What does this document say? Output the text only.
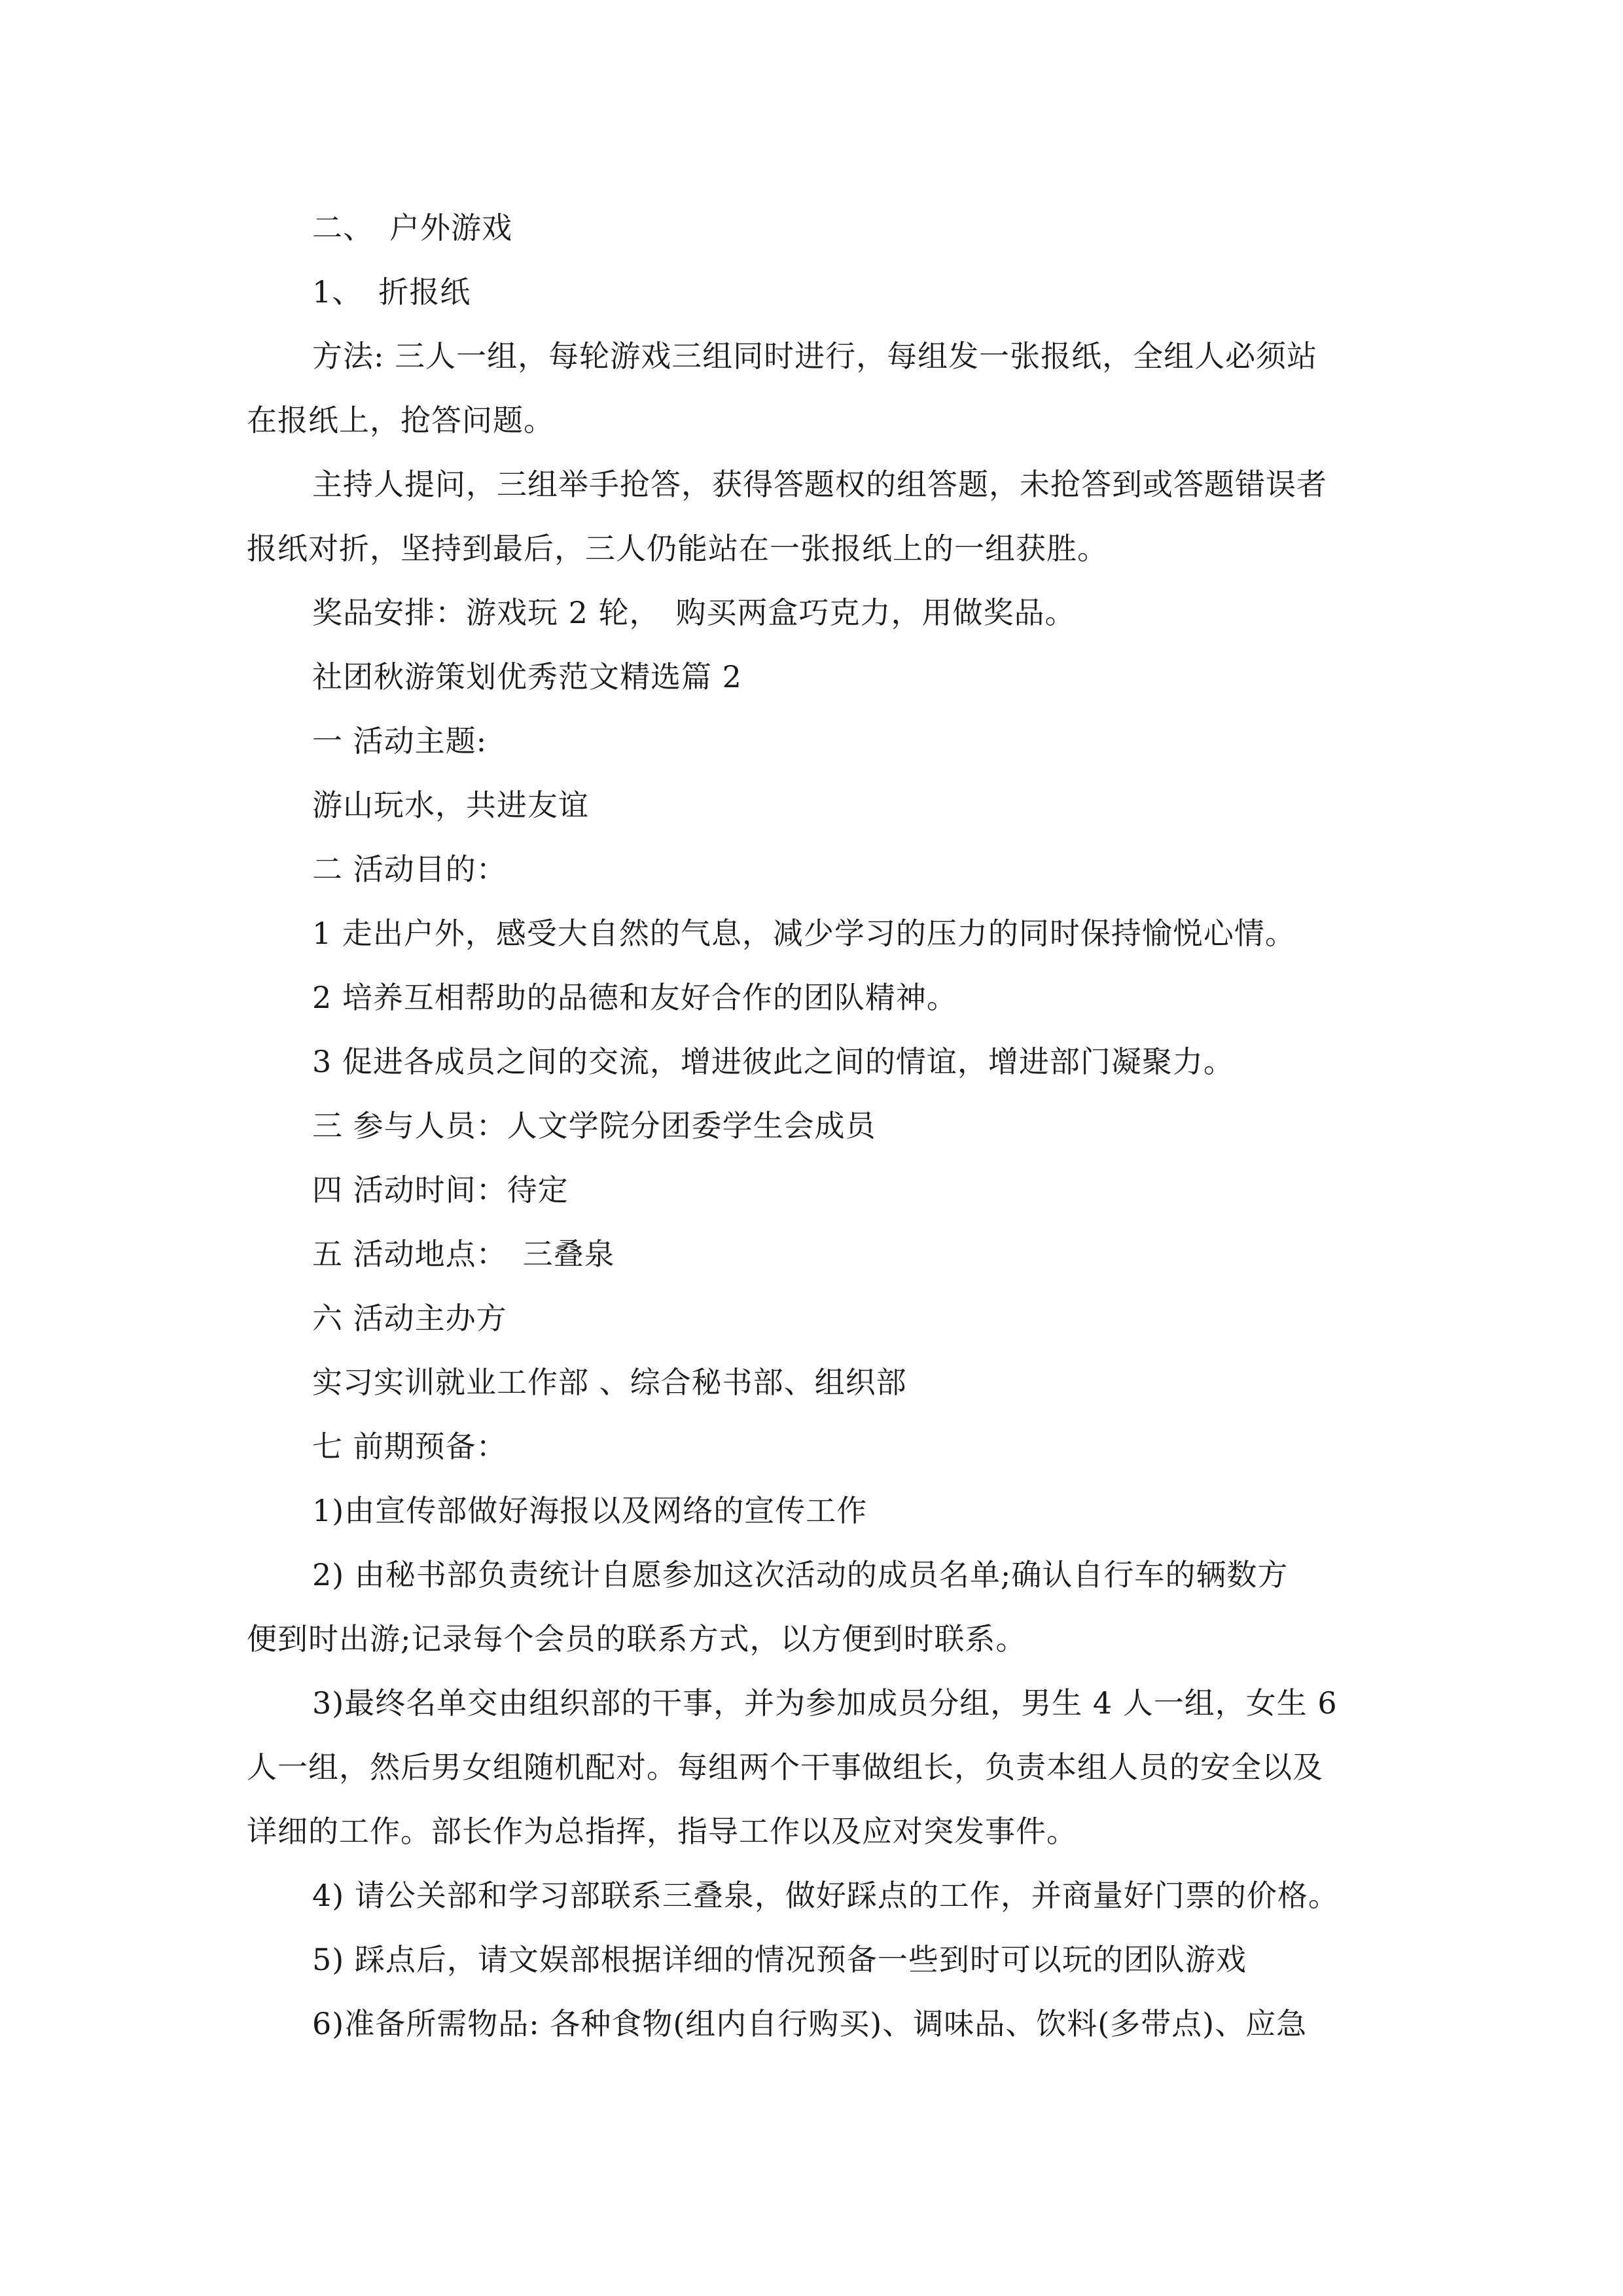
二、　户外游戏
1、　折报纸
方法: 三人一组，每轮游戏三组同时进行，每组发一张报纸，全组人必须站
在报纸上，抢答问题。
主持人提问，三组举手抢答，获得答题权的组答题，未抢答到或答题错误者
报纸对折，坚持到最后，三人仍能站在一张报纸上的一组获胜。
奖品安排：游戏玩 2 轮，　购买两盒巧克力，用做奖品。
社团秋游策划优秀范文精选篇 2
一 活动主题:
游山玩水，共进友谊
二 活动目的：
1 走出户外，感受大自然的气息，减少学习的压力的同时保持愉悦心情。
2 培养互相帮助的品德和友好合作的团队精神。
3 促进各成员之间的交流，增进彼此之间的情谊，增进部门凝聚力。
三 参与人员：人文学院分团委学生会成员
四 活动时间：待定
五 活动地点：　三叠泉
六 活动主办方
实习实训就业工作部 、综合秘书部、组织部
七 前期预备：
1)由宣传部做好海报以及网络的宣传工作
2) 由秘书部负责统计自愿参加这次活动的成员名单;确认自行车的辆数方
便到时出游;记录每个会员的联系方式，以方便到时联系。
3)最终名单交由组织部的干事，并为参加成员分组，男生 4 人一组，女生 6
人一组，然后男女组随机配对。每组两个干事做组长，负责本组人员的安全以及
详细的工作。部长作为总指挥，指导工作以及应对突发事件。
4) 请公关部和学习部联系三叠泉，做好踩点的工作，并商量好门票的价格。
5) 踩点后，请文娱部根据详细的情况预备一些到时可以玩的团队游戏
6)准备所需物品: 各种食物(组内自行购买)、调味品、饮料(多带点)、应急
